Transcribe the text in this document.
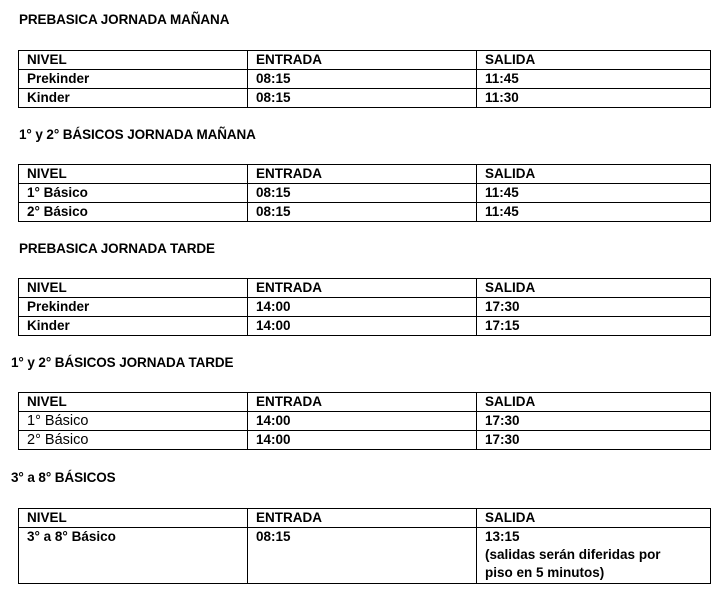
PREBASICA JORNADA MAÑANA
NIVEL	ENTRADA	SALIDA
Prekinder	08:15	11:45
Kinder	08:15	11:30
1° y 2° BÁSICOS JORNADA MAÑANA
NIVEL	ENTRADA	SALIDA
1° Básico	08:15	11:45
2° Básico	08:15	11:45
PREBASICA JORNADA TARDE
NIVEL	ENTRADA	SALIDA
Prekinder	14:00	17:30
Kinder	14:00	17:15
1° y 2° BÁSICOS JORNADA TARDE
NIVEL	ENTRADA	SALIDA
1° Básico	14:00	17:30
2° Básico	14:00	17:30
3° a 8° BÁSICOS
NIVEL	ENTRADA	SALIDA
3° a 8° Básico	08:15	13:15
(salidas serán diferidas por
piso en 5 minutos)
